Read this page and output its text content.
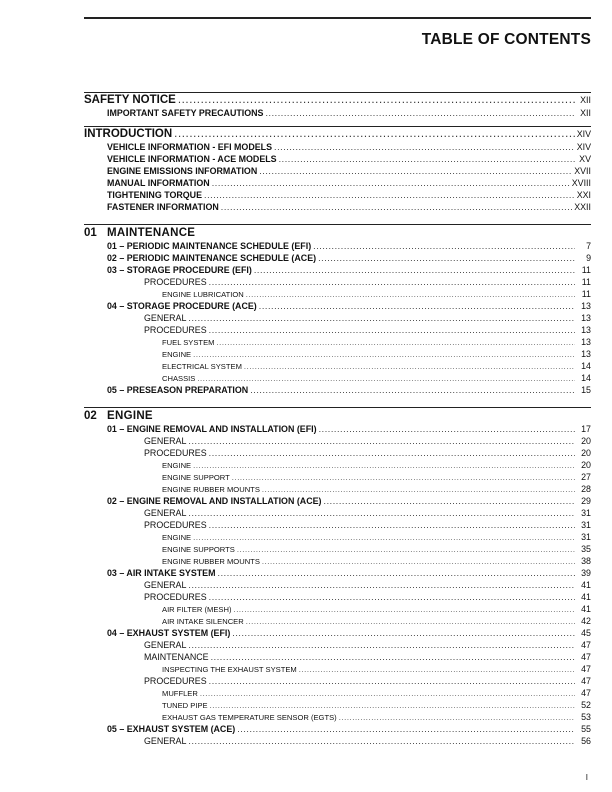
TABLE OF CONTENTS
SAFETY NOTICE .....	XII
IMPORTANT SAFETY PRECAUTIONS .....	XII
INTRODUCTION .....	XIV
VEHICLE INFORMATION - EFI MODELS .....	XIV
VEHICLE INFORMATION - ACE MODELS .....	XV
ENGINE EMISSIONS INFORMATION .....	XVII
MANUAL INFORMATION .....	XVIII
TIGHTENING TORQUE .....	XXI
FASTENER INFORMATION .....	XXII
01 MAINTENANCE
01 – PERIODIC MAINTENANCE SCHEDULE (EFI) .....	7
02 – PERIODIC MAINTENANCE SCHEDULE (ACE) .....	9
03 – STORAGE PROCEDURE (EFI) .....	11
PROCEDURES .....	11
ENGINE LUBRICATION .....	11
04 – STORAGE PROCEDURE (ACE) .....	13
GENERAL .....	13
PROCEDURES .....	13
FUEL SYSTEM .....	13
ENGINE .....	13
ELECTRICAL SYSTEM .....	14
CHASSIS .....	14
05 – PRESEASON PREPARATION .....	15
02 ENGINE
01 – ENGINE REMOVAL AND INSTALLATION (EFI) .....	17
GENERAL .....	20
PROCEDURES .....	20
ENGINE .....	20
ENGINE SUPPORT .....	27
ENGINE RUBBER MOUNTS .....	28
02 – ENGINE REMOVAL AND INSTALLATION (ACE) .....	29
GENERAL .....	31
PROCEDURES .....	31
ENGINE .....	31
ENGINE SUPPORTS .....	35
ENGINE RUBBER MOUNTS .....	38
03 – AIR INTAKE SYSTEM .....	39
GENERAL .....	41
PROCEDURES .....	41
AIR FILTER (MESH) .....	41
AIR INTAKE SILENCER .....	42
04 – EXHAUST SYSTEM (EFI) .....	45
GENERAL .....	47
MAINTENANCE .....	47
INSPECTING THE EXHAUST SYSTEM .....	47
PROCEDURES .....	47
MUFFLER .....	47
TUNED PIPE .....	52
EXHAUST GAS TEMPERATURE SENSOR (EGTS) .....	53
05 – EXHAUST SYSTEM (ACE) .....	55
GENERAL .....	56
I
